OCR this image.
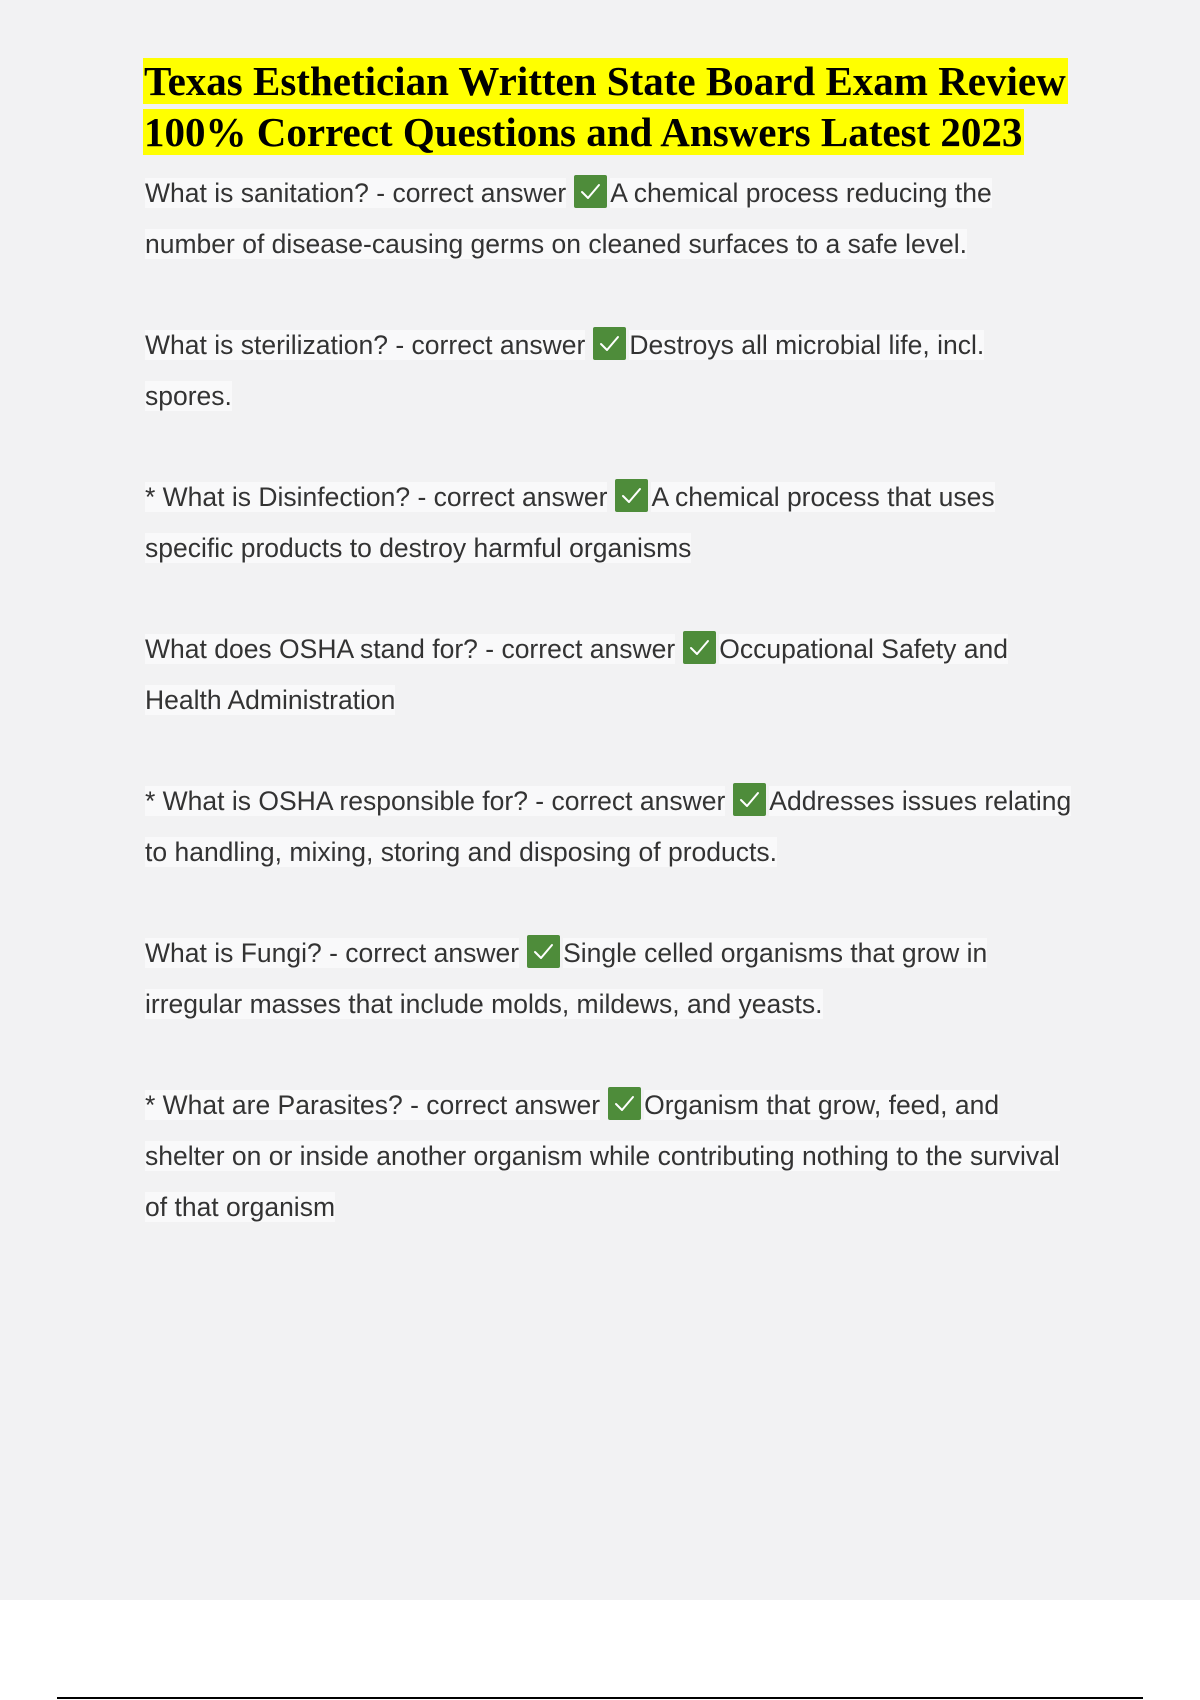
Texas Esthetician Written State Board Exam Review
100% Correct Questions and Answers Latest 2023

What is sanitation? - correct answer A chemical process reducing the number of disease-causing germs on cleaned surfaces to a safe level.

What is sterilization? - correct answer Destroys all microbial life, incl. spores.

* What is Disinfection? - correct answer A chemical process that uses specific products to destroy harmful organisms

What does OSHA stand for? - correct answer Occupational Safety and Health Administration

* What is OSHA responsible for? - correct answer Addresses issues relating to handling, mixing, storing and disposing of products.

What is Fungi? - correct answer Single celled organisms that grow in irregular masses that include molds, mildews, and yeasts.

* What are Parasites? - correct answer Organism that grow, feed, and shelter on or inside another organism while contributing nothing to the survival of that organism
